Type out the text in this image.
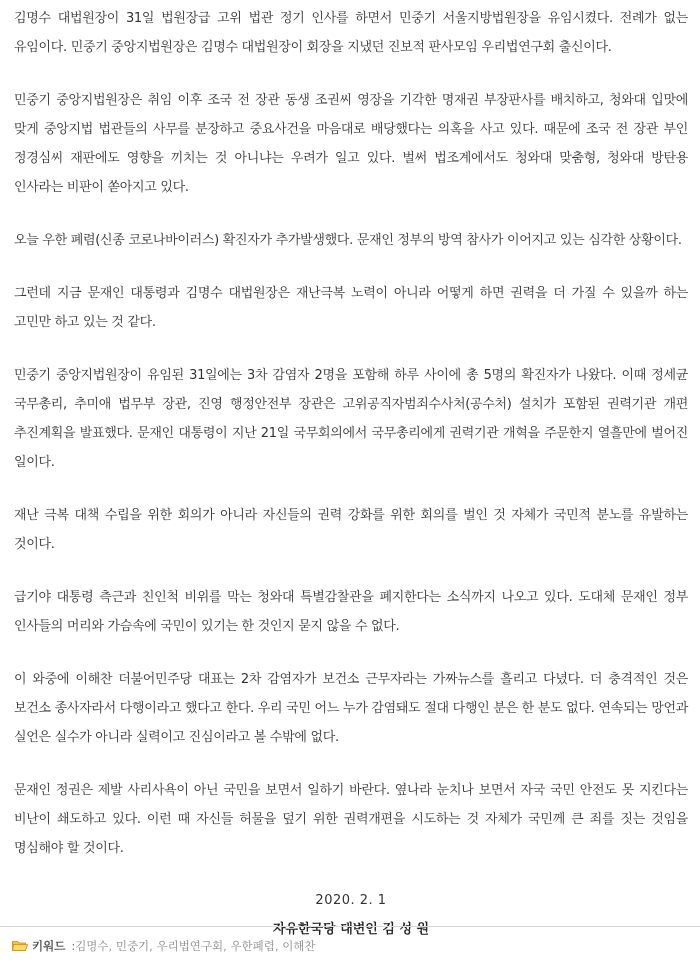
김명수 대법원장이 31일 법원장급 고위 법관 정기 인사를 하면서 민중기 서울지방법원장을 유임시켰다. 전례가 없는 유임이다. 민중기 중앙지법원장은 김명수 대법원장이 회장을 지냈던 진보적 판사모임 우리법연구회 출신이다.

민중기 중앙지법원장은 취임 이후 조국 전 장관 동생 조권씨 영장을 기각한 명재권 부장판사를 배치하고, 청와대 입맛에 맞게 중앙지법 법관들의 사무를 분장하고 중요사건을 마음대로 배당했다는 의혹을 사고 있다. 때문에 조국 전 장관 부인 정경심씨 재판에도 영향을 끼치는 것 아니냐는 우려가 일고 있다. 벌써 법조계에서도 청와대 맞춤형, 청와대 방탄용 인사라는 비판이 쏟아지고 있다.

오늘 우한 폐렴(신종 코로나바이러스) 확진자가 추가발생했다. 문재인 정부의 방역 참사가 이어지고 있는 심각한 상황이다.

그런데 지금 문재인 대통령과 김명수 대법원장은 재난극복 노력이 아니라 어떻게 하면 권력을 더 가질 수 있을까 하는 고민만 하고 있는 것 같다.

민중기 중앙지법원장이 유임된 31일에는 3차 감염자 2명을 포함해 하루 사이에 총 5명의 확진자가 나왔다. 이때 정세균 국무총리, 추미애 법무부 장관, 진영 행정안전부 장관은 고위공직자범죄수사처(공수처) 설치가 포함된 권력기관 개편 추진계획을 발표했다. 문재인 대통령이 지난 21일 국무회의에서 국무총리에게 권력기관 개혁을 주문한지 열흘만에 벌어진 일이다.

재난 극복 대책 수립을 위한 회의가 아니라 자신들의 권력 강화를 위한 회의를 벌인 것 자체가 국민적 분노를 유발하는 것이다.

급기야 대통령 측근과 친인척 비위를 막는 청와대 특별감찰관을 폐지한다는 소식까지 나오고 있다. 도대체 문재인 정부 인사들의 머리와 가슴속에 국민이 있기는 한 것인지 묻지 않을 수 없다.

이 와중에 이해찬 더불어민주당 대표는 2차 감염자가 보건소 근무자라는 가짜뉴스를 흘리고 다녔다. 더 충격적인 것은 보건소 종사자라서 다행이라고 했다고 한다. 우리 국민 어느 누가 감염돼도 절대 다행인 분은 한 분도 없다. 연속되는 망언과 실언은 실수가 아니라 실력이고 진심이라고 볼 수밖에 없다.

문재인 정권은 제발 사리사욕이 아닌 국민을 보면서 일하기 바란다. 옆나라 눈치나 보면서 자국 국민 안전도 못 지킨다는 비난이 쇄도하고 있다. 이런 때 자신들 허물을 덮기 위한 권력개편을 시도하는 것 자체가 국민께 큰 죄를 짓는 것임을 명심해야 할 것이다.

2020. 2. 1
자유한국당 대변인 김 성 원
키워드 : 김명수, 민중기, 우리법연구회, 우한폐렴, 이해찬
